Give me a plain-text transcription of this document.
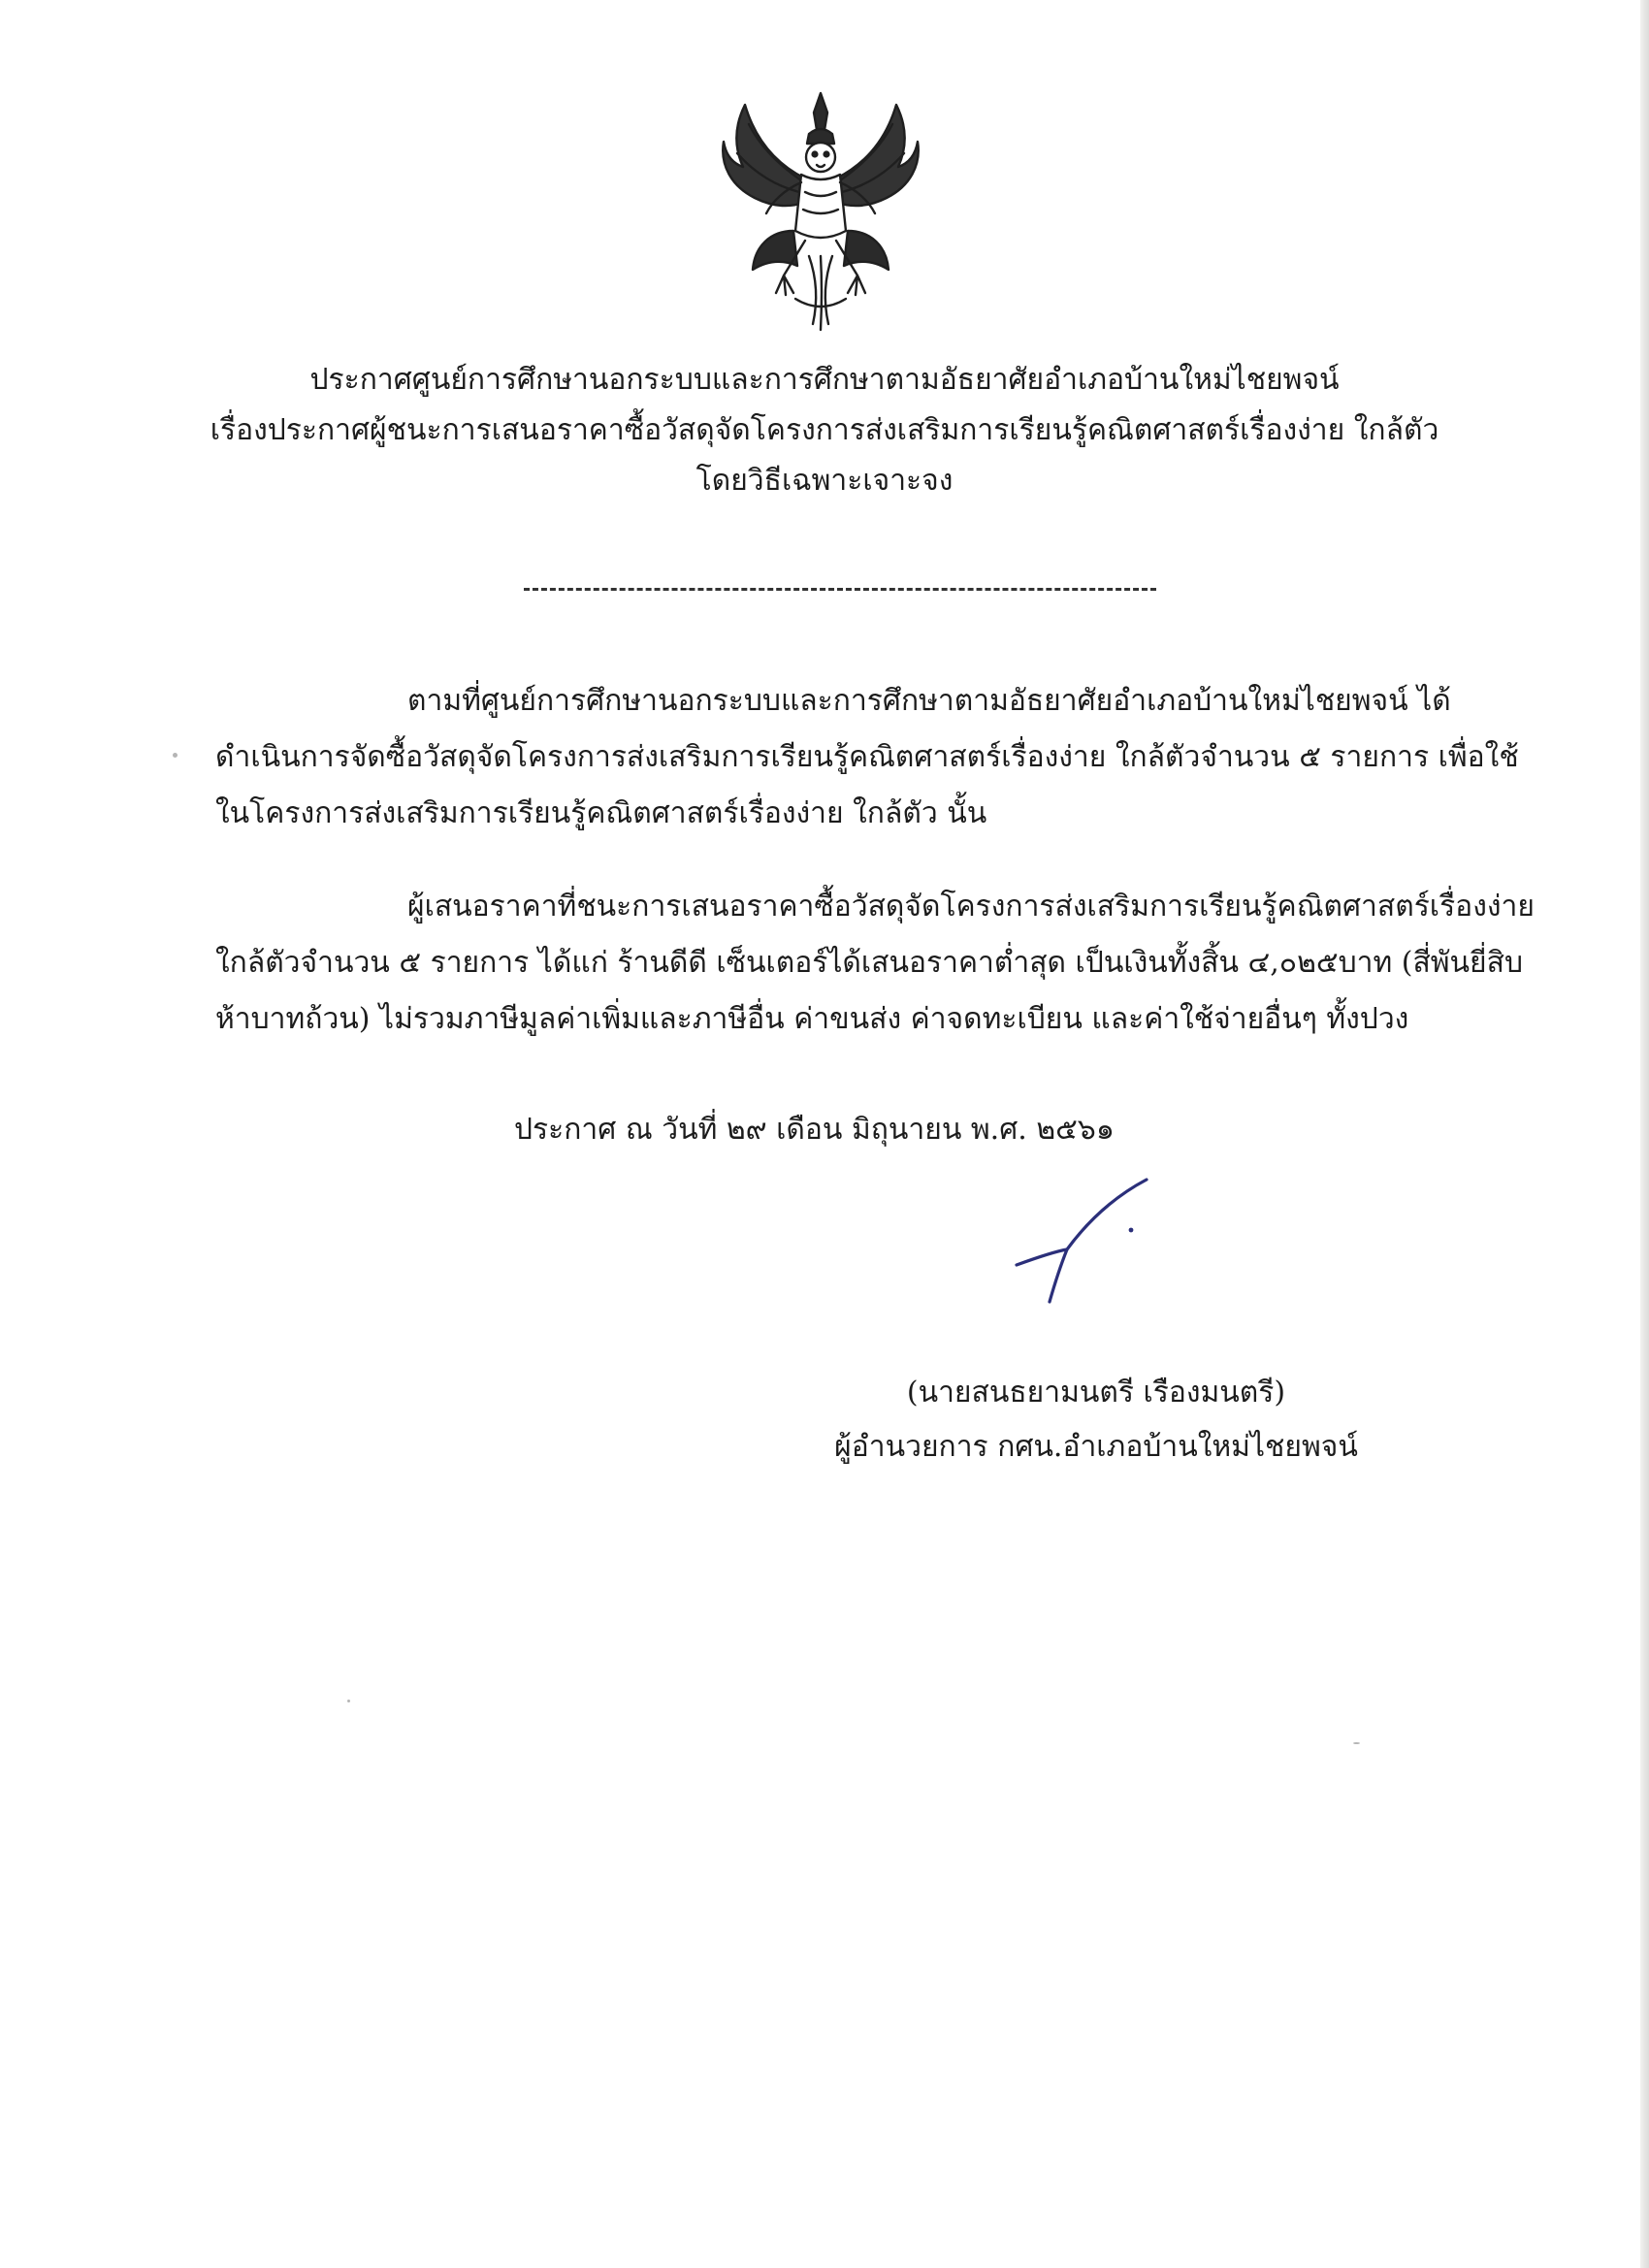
ประกาศศูนย์การศึกษานอกระบบและการศึกษาตามอัธยาศัยอำเภอบ้านใหม่ไชยพจน์
เรื่องประกาศผู้ชนะการเสนอราคาซื้อวัสดุจัดโครงการส่งเสริมการเรียนรู้คณิตศาสตร์เรื่องง่าย ใกล้ตัว
โดยวิธีเฉพาะเจาะจง
ตามที่ศูนย์การศึกษานอกระบบและการศึกษาตามอัธยาศัยอำเภอบ้านใหม่ไชยพจน์ ได้
ดำเนินการจัดซื้อวัสดุจัดโครงการส่งเสริมการเรียนรู้คณิตศาสตร์เรื่องง่าย ใกล้ตัวจำนวน ๕ รายการ เพื่อใช้
ในโครงการส่งเสริมการเรียนรู้คณิตศาสตร์เรื่องง่าย ใกล้ตัว นั้น
ผู้เสนอราคาที่ชนะการเสนอราคาซื้อวัสดุจัดโครงการส่งเสริมการเรียนรู้คณิตศาสตร์เรื่องง่าย
ใกล้ตัวจำนวน ๕ รายการ ได้แก่ ร้านดีดี เซ็นเตอร์ได้เสนอราคาต่ำสุด เป็นเงินทั้งสิ้น ๔,๐๒๕บาท (สี่พันยี่สิบ
ห้าบาทถ้วน) ไม่รวมภาษีมูลค่าเพิ่มและภาษีอื่น ค่าขนส่ง ค่าจดทะเบียน และค่าใช้จ่ายอื่นๆ ทั้งปวง
ประกาศ ณ วันที่ ๒๙ เดือน มิถุนายน พ.ศ. ๒๕๖๑
(นายสนธยามนตรี เรืองมนตรี)
ผู้อำนวยการ กศน.อำเภอบ้านใหม่ไชยพจน์
